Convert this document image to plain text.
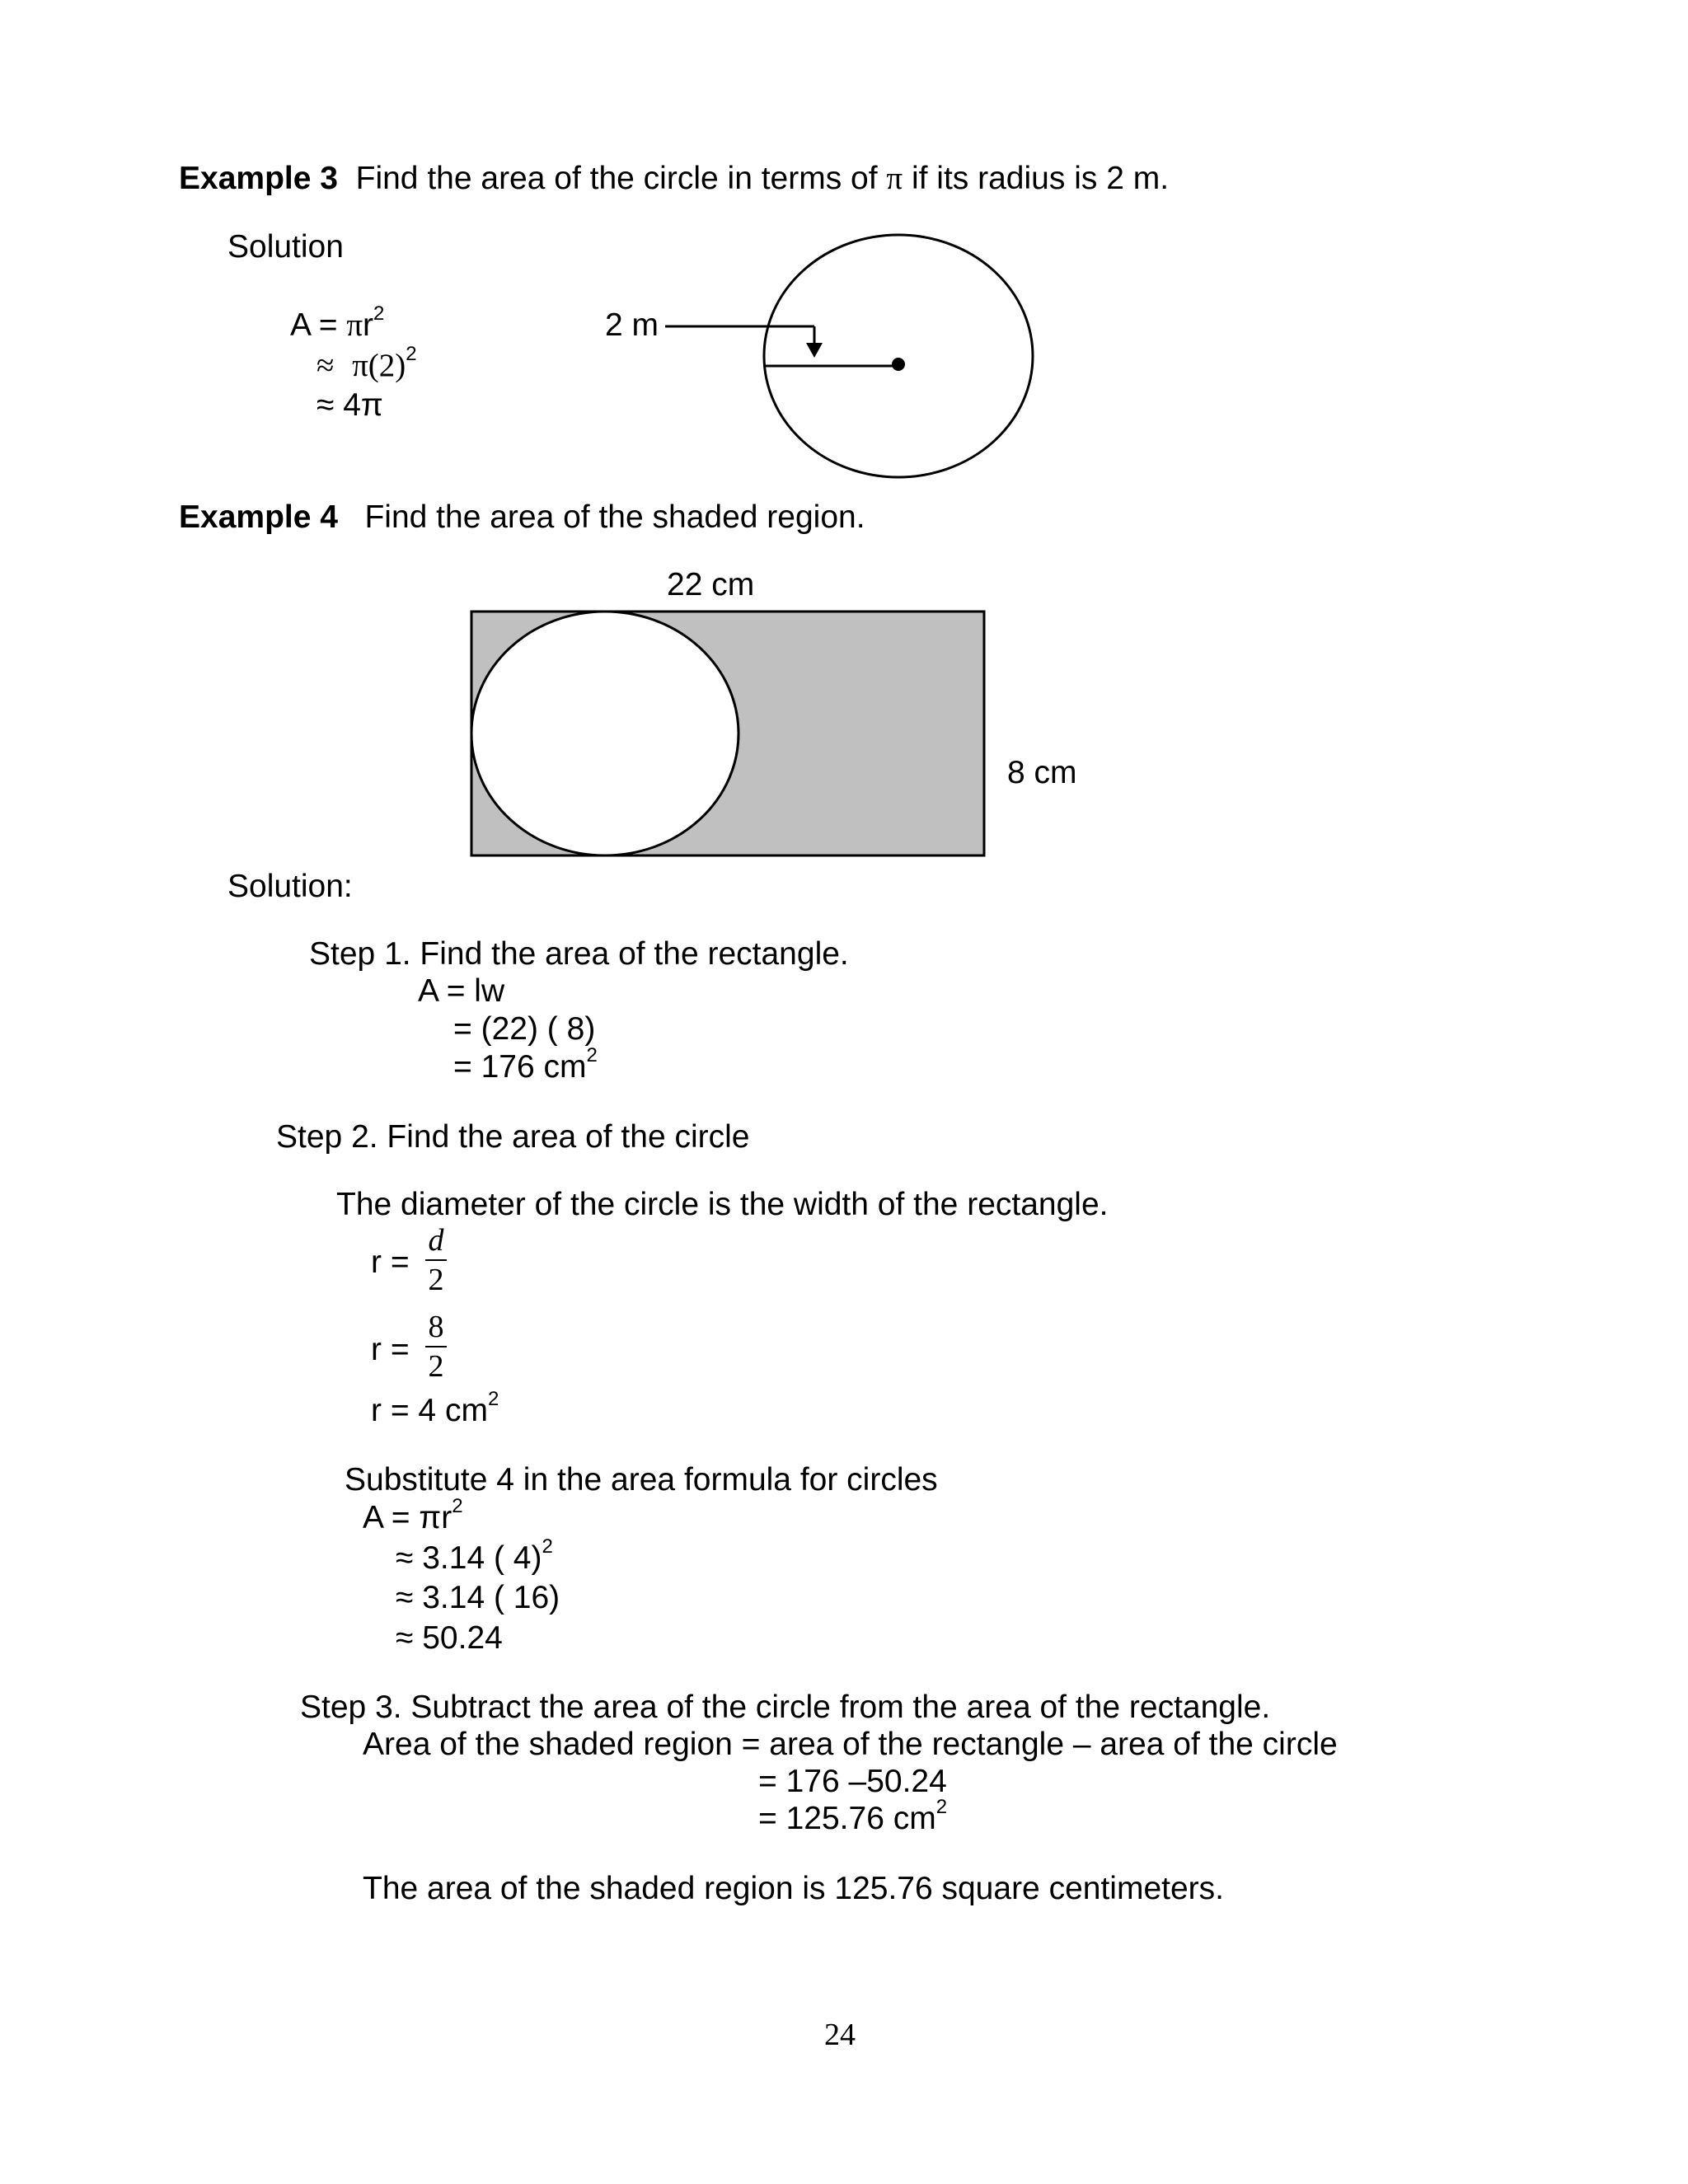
Example 3 Find the area of the circle in terms of π if its radius is 2 m.
Solution
$A = \pi r^2$
≈ $\pi(2)^2$
≈ 4π
2 m
Example 4 Find the area of the shaded region.
22 cm
8 cm
Solution:
Step 1. Find the area of the rectangle.
A = lw
= (22) ( 8)
= 176 $cm^2$
Step 2. Find the area of the circle
The diameter of the circle is the width of the rectangle.
r =
d
2
r =
8
2
r = 4 $cm^2$
Substitute 4 in the area formula for circles
$A = \pi r^2$
≈ 3.14 ( 4)$^2$
≈ 3.14 ( 16)
≈ 50.24
Step 3. Subtract the area of the circle from the area of the rectangle.
Area of the shaded region = area of the rectangle – area of the circle
= 176 –50.24
= 125.76 $cm^2$
The area of the shaded region is 125.76 square centimeters.
24
